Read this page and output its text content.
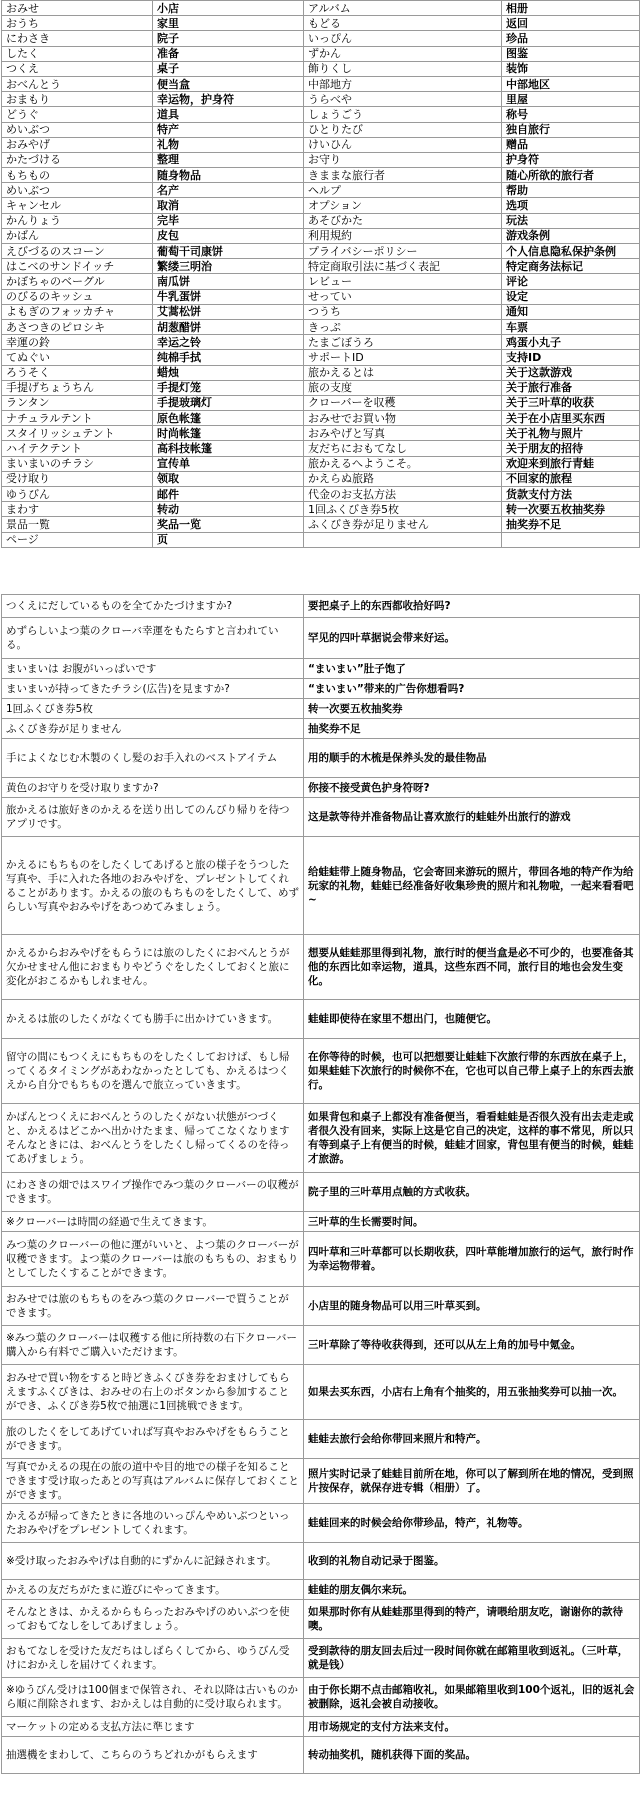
おみせ	小店	アルバム	相册
おうち	家里	もどる	返回
にわさき	院子	いっぴん	珍品
したく	准备	ずかん	图鉴
つくえ	桌子	飾りくし	装饰
おべんとう	便当盒	中部地方	中部地区
おまもり	幸运物，护身符	うらべや	里屋
どうぐ	道具	しょうごう	称号
めいぶつ	特产	ひとりたび	独自旅行
おみやげ	礼物	けいひん	赠品
かたづける	整理	お守り	护身符
もちもの	随身物品	きままな旅行者	随心所欲的旅行者
めいぶつ	名产	ヘルプ	帮助
キャンセル	取消	オプション	选项
かんりょう	完毕	あそびかた	玩法
かばん	皮包	利用規約	游戏条例
えびづるのスコーン	葡萄干司康饼	プライバシーポリシー	个人信息隐私保护条例
はこべのサンドイッチ	繁缕三明治	特定商取引法に基づく表記	特定商务法标记
かぼちゃのベーグル	南瓜饼	レビュー	评论
のびるのキッシュ	牛乳蛋饼	せってい	设定
よもぎのフォッカチャ	艾蒿松饼	つうち	通知
あさつきのピロシキ	胡葱醋饼	きっぷ	车票
幸運の鈴	幸运之铃	たまごぼうろ	鸡蛋小丸子
てぬぐい	纯棉手拭	サポートID	支持ID
ろうそく	蜡烛	旅かえるとは	关于这款游戏
手提げちょうちん	手提灯笼	旅の支度	关于旅行准备
ランタン	手提玻璃灯	クローバーを収穫	关于三叶草的收获
ナチュラルテント	原色帐篷	おみせでお買い物	关于在小店里买东西
スタイリッシュテント	时尚帐篷	おみやげと写真	关于礼物与照片
ハイテクテント	高科技帐篷	友だちにおもてなし	关于朋友的招待
まいまいのチラシ	宣传单	旅かえるへようこそ。	欢迎来到旅行青蛙
受け取り	领取	かえらぬ旅路	不回家的旅程
ゆうびん	邮件	代金のお支払方法	货款支付方法
まわす	转动	1回ふくびき券5枚	转一次要五枚抽奖券
景品一覧	奖品一览	ふくびき券が足りません	抽奖券不足
ページ	页		
つくえにだしているものを全てかたづけますか?	要把桌子上的东西都收拾好吗?
めずらしいよつ葉のクローバ幸運をもたらすと言われている。	罕见的四叶草据说会带来好运。
まいまいは お腹がいっぱいです	“まいまい”肚子饱了
まいまいが持ってきたチラシ(広告)を見ますか?	“まいまい”带来的广告你想看吗?
1回ふくびき券5枚	转一次要五枚抽奖券
ふくびき券が足りません	抽奖券不足
手によくなじむ木製のくし髪のお手入れのベストアイテム	用的顺手的木梳是保养头发的最佳物品
黄色のお守りを受け取りますか?	你接不接受黄色护身符呀?
旅かえるは旅好きのかえるを送り出してのんびり帰りを待つアプリです。	这是款等待并准备物品让喜欢旅行的蛙蛙外出旅行的游戏
かえるにもちものをしたくしてあげると旅の様子をうつした写真や、手に入れた各地のおみやげを、プレゼントしてくれることがあります。かえるの旅のもちものをしたくして、めずらしい写真やおみやげをあつめてみましょう。	给蛙蛙带上随身物品，它会寄回来游玩的照片，带回各地的特产作为给玩家的礼物，蛙蛙已经准备好收集珍贵的照片和礼物啦，一起来看看吧~
かえるからおみやげをもらうには旅のしたくにおべんとうが欠かせません他におまもりやどうぐをしたくしておくと旅に変化がおこるかもしれません。	想要从蛙蛙那里得到礼物，旅行时的便当盒是必不可少的，也要准备其他的东西比如幸运物，道具，这些东西不同，旅行目的地也会发生变化。
かえるは旅のしたくがなくても勝手に出かけていきます。	蛙蛙即使待在家里不想出门，也随便它。
留守の間にもつくえにもちものをしたくしておけば、もし帰ってくるタイミングがあわなかったとしても、かえるはつくえから自分でもちものを選んで旅立っていきます。	在你等待的时候，也可以把想要让蛙蛙下次旅行带的东西放在桌子上，如果蛙蛙下次旅行的时候你不在，它也可以自己带上桌子上的东西去旅行。
かばんとつくえにおべんとうのしたくがない状態がつづくと、かえるはどこかへ出かけたまま、帰ってこなくなりますそんなときには、おべんとうをしたくし帰ってくるのを待ってあげましょう。	如果背包和桌子上都没有准备便当，看看蛙蛙是否很久没有出去走走或者很久没有回来，实际上这是它自己的决定，这样的事不常见，所以只有等到桌子上有便当的时候，蛙蛙才回家，背包里有便当的时候，蛙蛙才旅游。
にわさきの畑ではスワイプ操作でみつ葉のクローバーの収穫ができます。	院子里的三叶草用点触的方式收获。
※クローバーは時間の経過で生えてきます。	三叶草的生长需要时间。
みつ葉のクローバーの他に運がいいと、よつ葉のクローバーが収穫できます。よつ葉のクローバーは旅のもちもの、おまもりとしてしたくすることができます。	四叶草和三叶草都可以长期收获，四叶草能增加旅行的运气，旅行时作为幸运物带着。
おみせでは旅のもちものをみつ葉のクローバーで買うことができます。	小店里的随身物品可以用三叶草买到。
※みつ葉のクローバーは収穫する他に所持数の右下クローバー購入から有料でご購入いただけます。	三叶草除了等待收获得到，还可以从左上角的加号中氪金。
おみせで買い物をすると時どきふくびき券をおまけしてもらえますふくびきは、おみせの右上のボタンから参加することができ、ふくびき券5枚で抽選に1回挑戦できます。	如果去买东西，小店右上角有个抽奖的，用五张抽奖券可以抽一次。
旅のしたくをしてあげていれば写真やおみやげをもらうことができます。	蛙蛙去旅行会给你带回来照片和特产。
写真でかえるの現在の旅の道中や目的地での様子を知ることできます受け取ったあとの写真はアルバムに保存しておくことができます。	照片实时记录了蛙蛙目前所在地，你可以了解到所在地的情况，受到照片按保存，就保存进专辑（相册）了。
かえるが帰ってきたときに各地のいっぴんやめいぶつといったおみやげをプレゼントしてくれます。	蛙蛙回来的时候会给你带珍品，特产，礼物等。
※受け取ったおみやげは自動的にずかんに記録されます。	收到的礼物自动记录于图鉴。
かえるの友だちがたまに遊びにやってきます。	蛙蛙的朋友偶尔来玩。
そんなときは、かえるからもらったおみやげのめいぶつを使っておもてなしをしてあげましょう。	如果那时你有从蛙蛙那里得到的特产，请喂给朋友吃，谢谢你的款待噢。
おもてなしを受けた友だちはしばらくしてから、ゆうびん受けにおかえしを届けてくれます。	受到款待的朋友回去后过一段时间你就在邮箱里收到返礼。（三叶草，就是钱）
※ゆうびん受けは100個まで保管され、それ以降は古いものから順に削除されます、おかえしは自動的に受け取られます。	由于你长期不点击邮箱收礼，如果邮箱里收到100个返礼，旧的返礼会被删除，返礼会被自动接收。
マーケットの定める支払方法に準じます	用市场规定的支付方法来支付。
抽選機をまわして、こちらのうちどれかがもらえます	转动抽奖机，随机获得下面的奖品。
